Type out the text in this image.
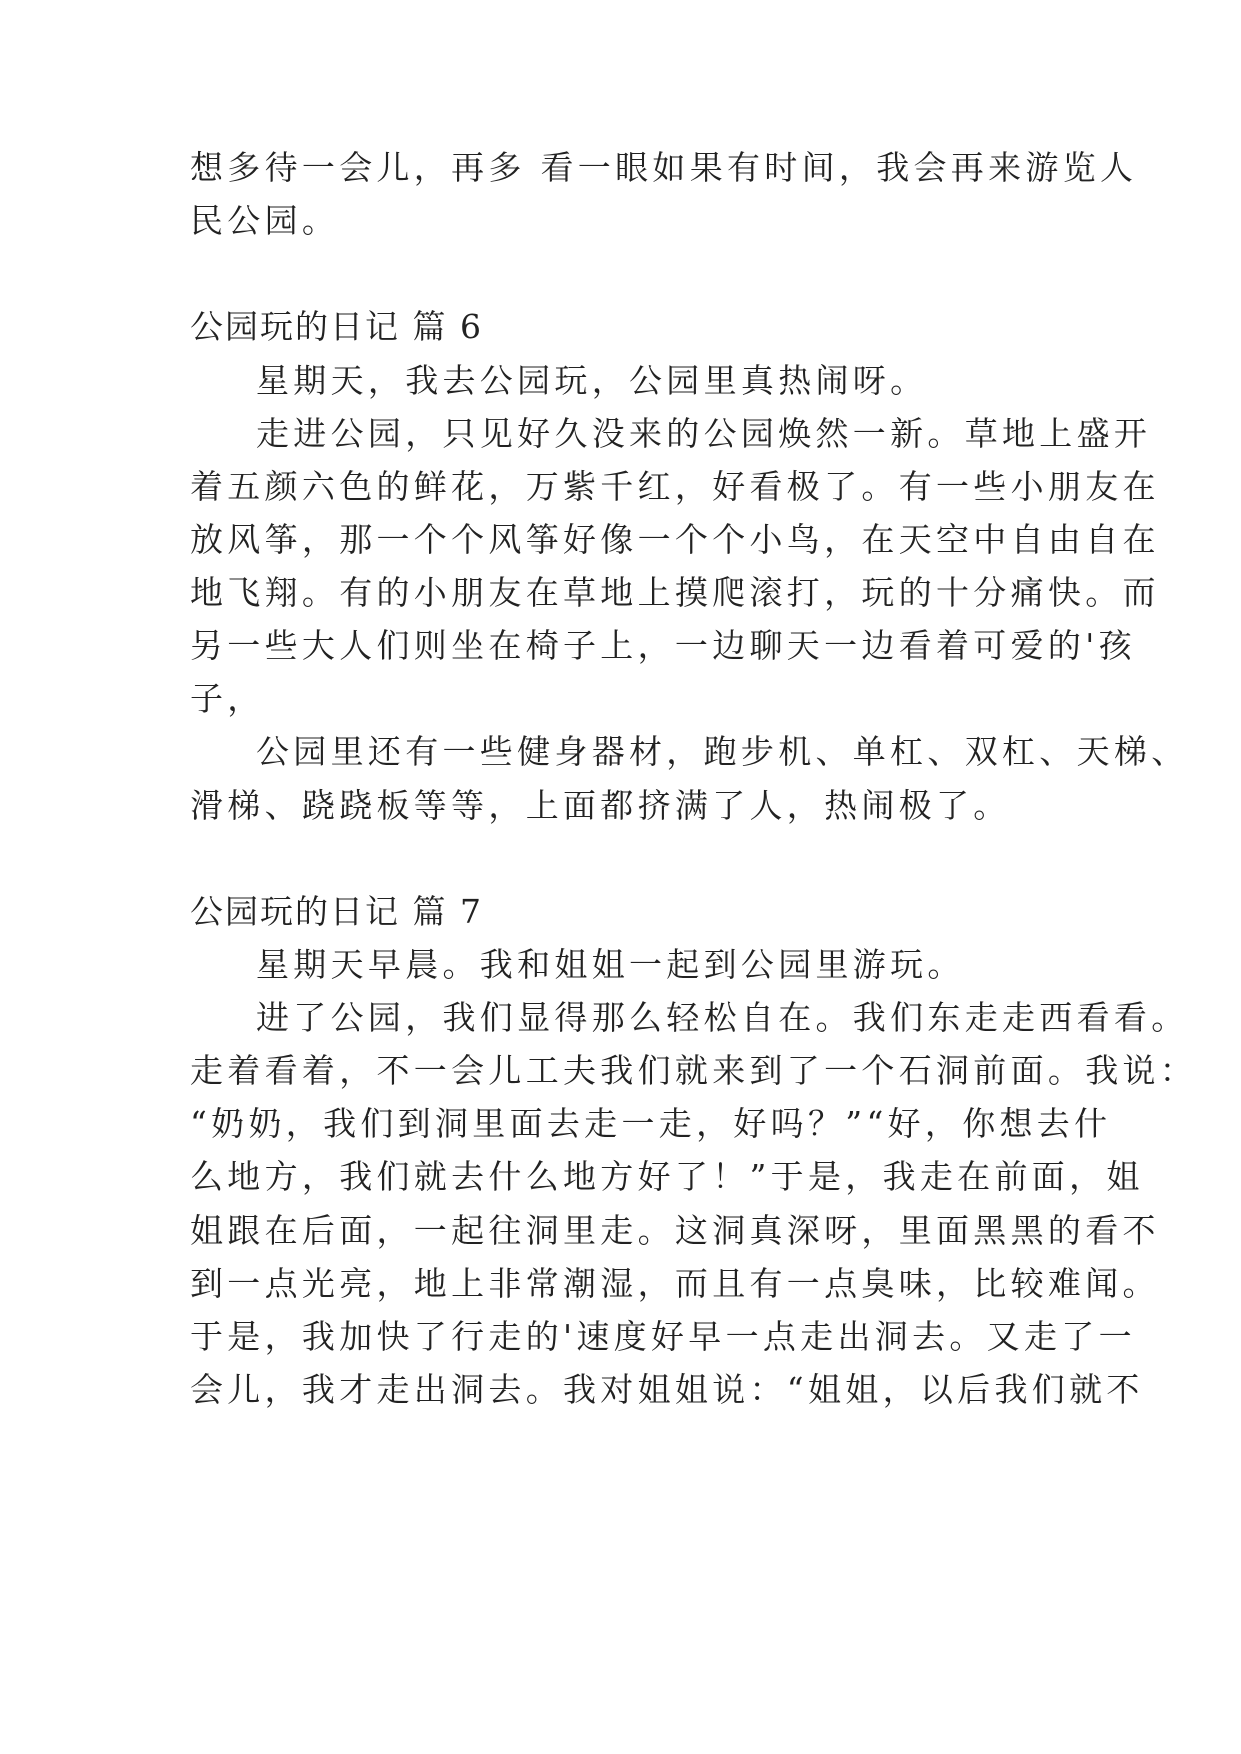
想多待一会儿，再多 看一眼如果有时间，我会再来游览人
民公园。
公园玩的日记 篇 6
星期天，我去公园玩，公园里真热闹呀。
走进公园，只见好久没来的公园焕然一新。草地上盛开
着五颜六色的鲜花，万紫千红，好看极了。有一些小朋友在
放风筝，那一个个风筝好像一个个小鸟，在天空中自由自在
地飞翔。有的小朋友在草地上摸爬滚打，玩的十分痛快。而
另一些大人们则坐在椅子上，一边聊天一边看着可爱的'孩
子，
公园里还有一些健身器材，跑步机、单杠、双杠、天梯、
滑梯、跷跷板等等，上面都挤满了人，热闹极了。
公园玩的日记 篇 7
星期天早晨。我和姐姐一起到公园里游玩。
进了公园，我们显得那么轻松自在。我们东走走西看看。
走着看着，不一会儿工夫我们就来到了一个石洞前面。我说：
“奶奶，我们到洞里面去走一走，好吗？”“好，你想去什
么地方，我们就去什么地方好了！”于是，我走在前面，姐
姐跟在后面，一起往洞里走。这洞真深呀，里面黑黑的看不
到一点光亮，地上非常潮湿，而且有一点臭味，比较难闻。
于是，我加快了行走的'速度好早一点走出洞去。又走了一
会儿，我才走出洞去。我对姐姐说：“姐姐，以后我们就不
